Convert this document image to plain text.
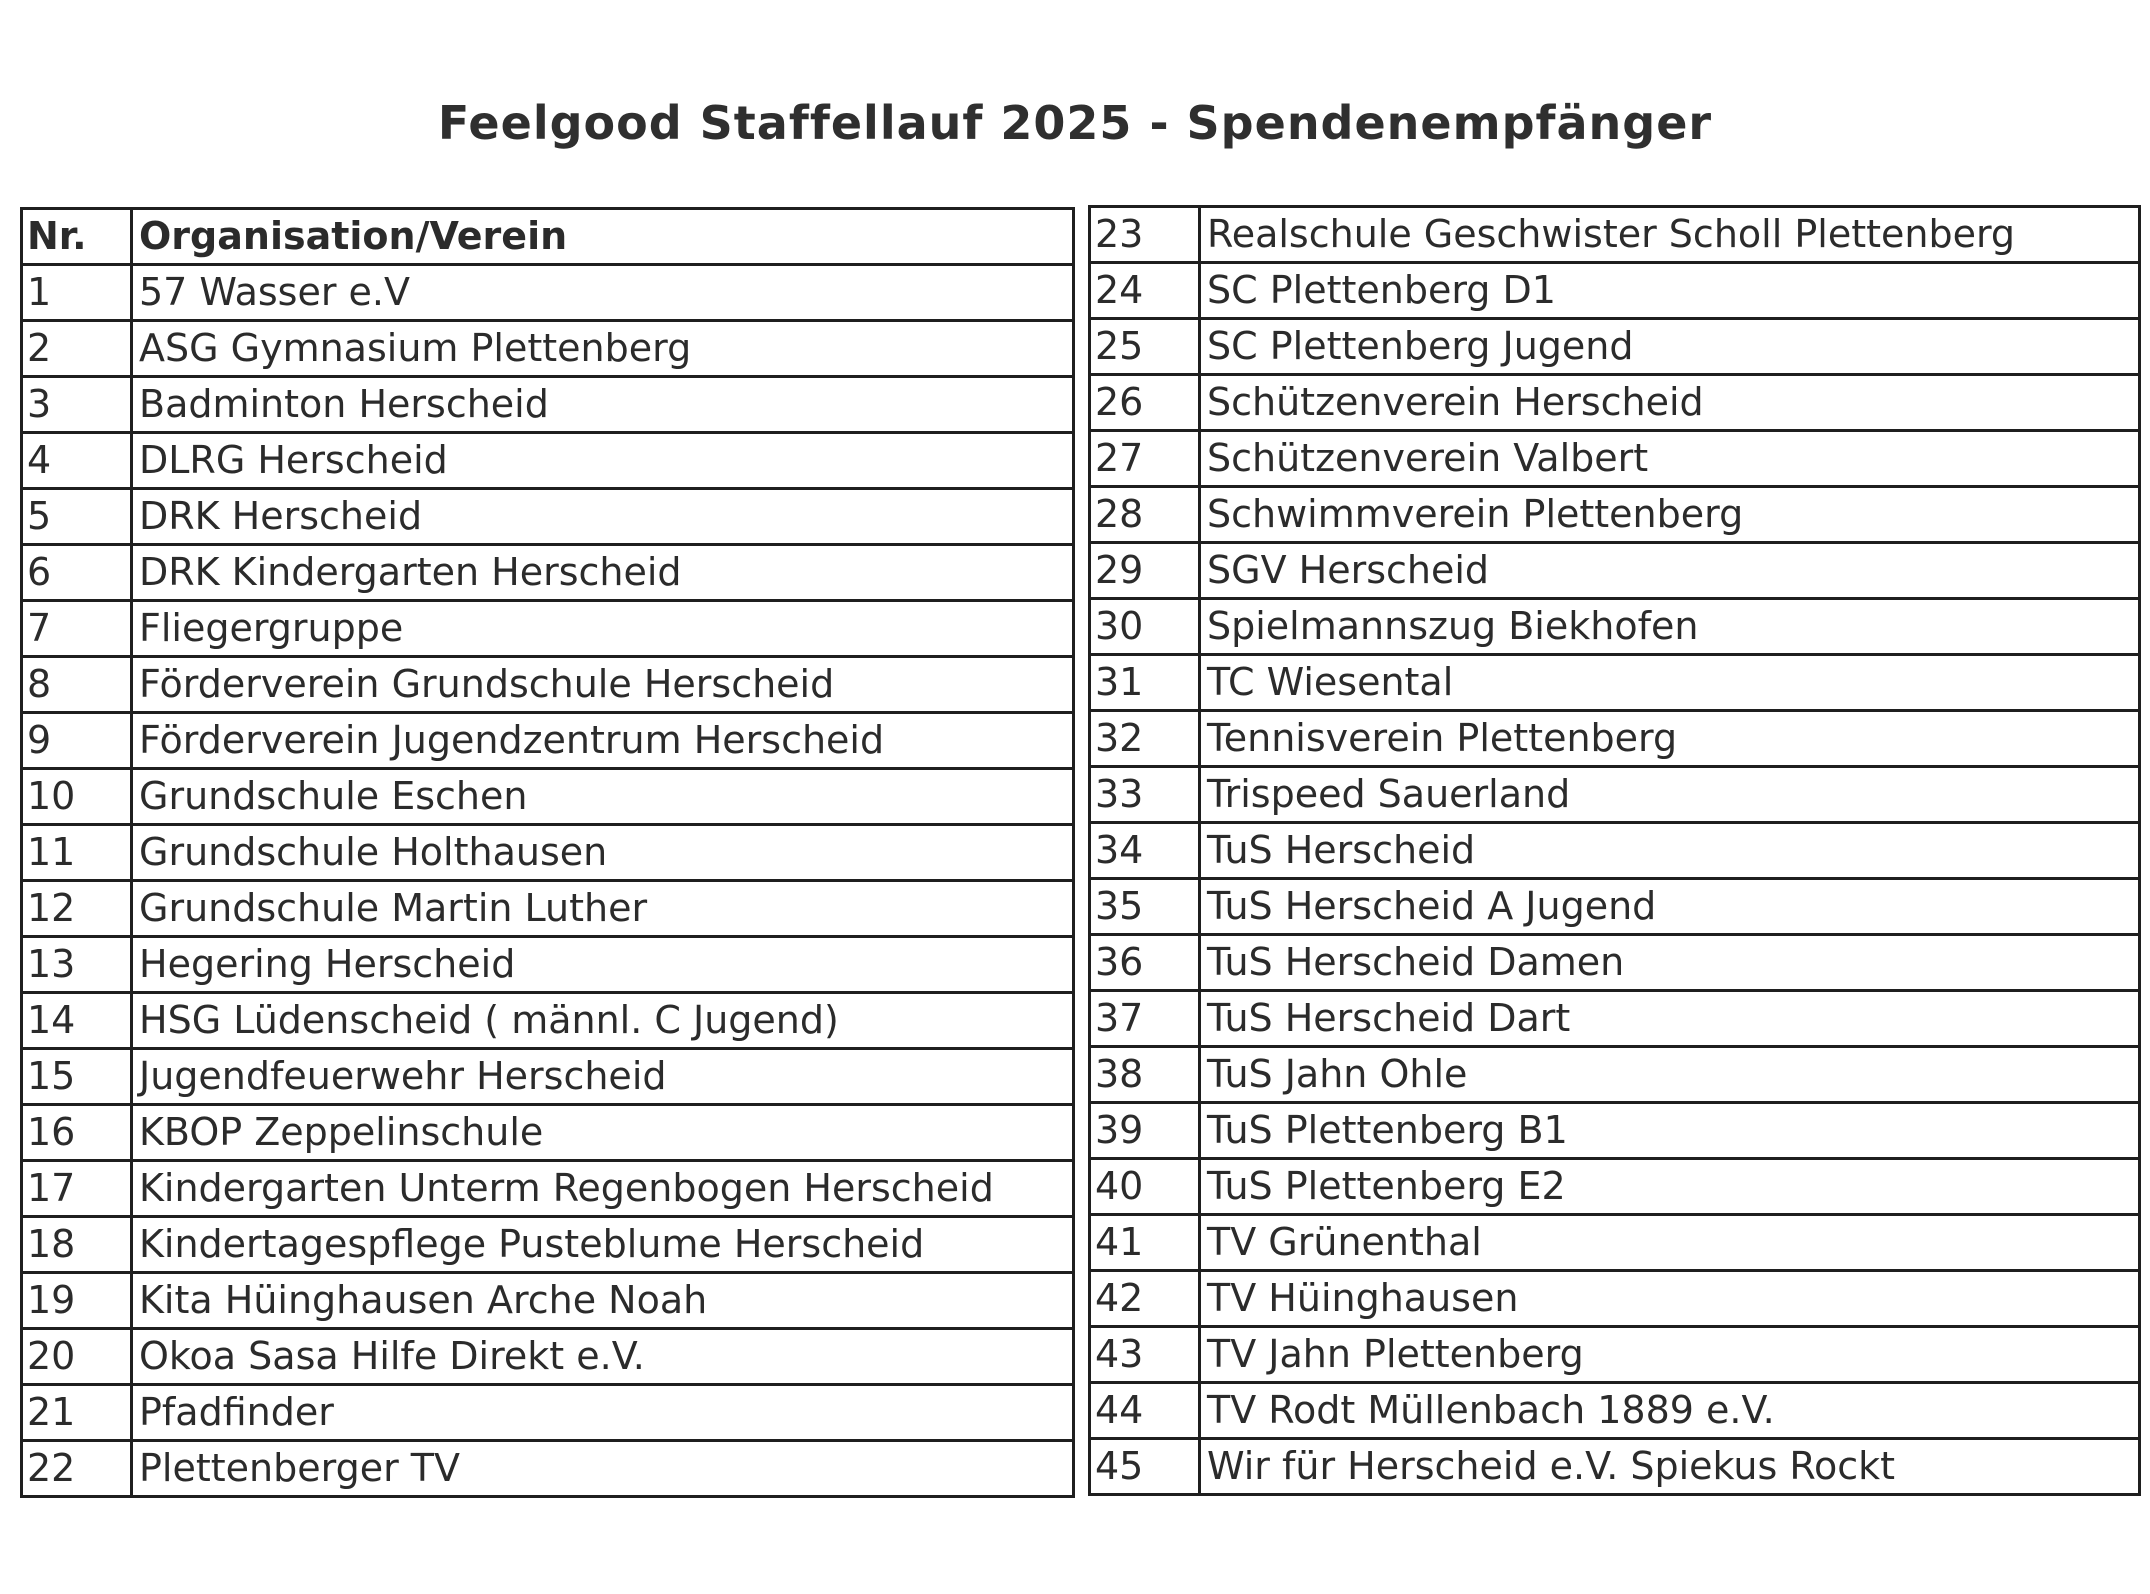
Feelgood Staffellauf 2025 - Spendenempfänger
Nr.	Organisation/Verein
1	57 Wasser e.V
2	ASG Gymnasium Plettenberg
3	Badminton Herscheid
4	DLRG Herscheid
5	DRK Herscheid
6	DRK Kindergarten Herscheid
7	Fliegergruppe
8	Förderverein Grundschule Herscheid
9	Förderverein Jugendzentrum Herscheid
10	Grundschule Eschen
11	Grundschule Holthausen
12	Grundschule Martin Luther
13	Hegering Herscheid
14	HSG Lüdenscheid ( männl. C Jugend)
15	Jugendfeuerwehr Herscheid
16	KBOP Zeppelinschule
17	Kindergarten Unterm Regenbogen Herscheid
18	Kindertagespflege Pusteblume Herscheid
19	Kita Hüinghausen Arche Noah
20	Okoa Sasa Hilfe Direkt e.V.
21	Pfadfinder
22	Plettenberger TV
23	Realschule Geschwister Scholl Plettenberg
24	SC Plettenberg D1
25	SC Plettenberg Jugend
26	Schützenverein Herscheid
27	Schützenverein Valbert
28	Schwimmverein Plettenberg
29	SGV Herscheid
30	Spielmannszug Biekhofen
31	TC Wiesental
32	Tennisverein Plettenberg
33	Trispeed Sauerland
34	TuS Herscheid
35	TuS Herscheid A Jugend
36	TuS Herscheid Damen
37	TuS Herscheid Dart
38	TuS Jahn Ohle
39	TuS Plettenberg B1
40	TuS Plettenberg E2
41	TV Grünenthal
42	TV Hüinghausen
43	TV Jahn Plettenberg
44	TV Rodt Müllenbach 1889 e.V.
45	Wir für Herscheid e.V. Spiekus Rockt
